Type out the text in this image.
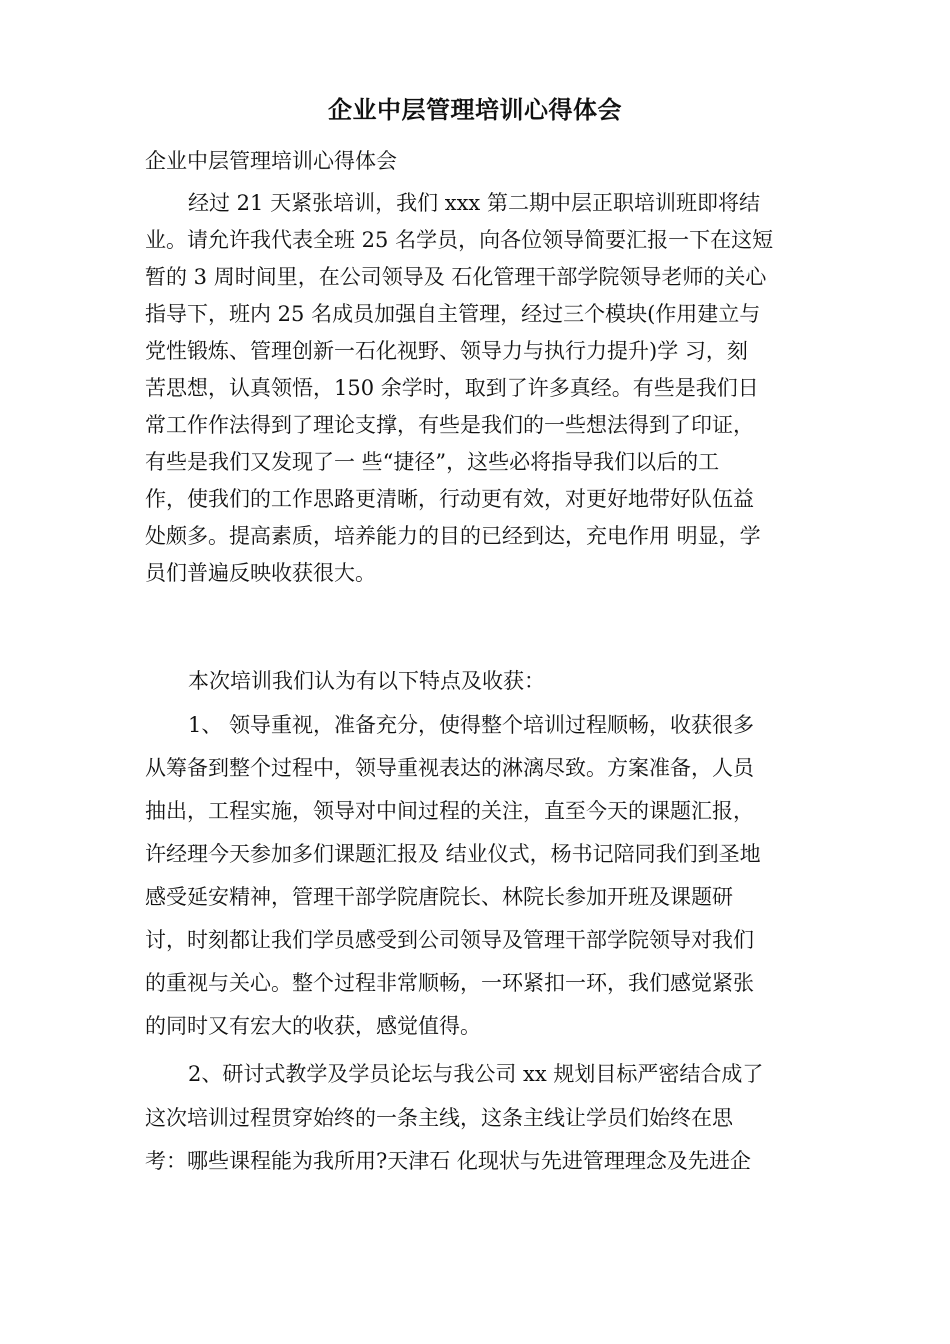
企业中层管理培训心得体会
企业中层管理培训心得体会
经过 21 天紧张培训，我们 xxx 第二期中层正职培训班即将结
业。请允许我代表全班 25 名学员，向各位领导简要汇报一下在这短
暂的 3 周时间里，在公司领导及 石化管理干部学院领导老师的关心
指导下，班内 25 名成员加强自主管理，经过三个模块(作用建立与
党性锻炼、管理创新一石化视野、领导力与执行力提升)学 习，刻
苦思想，认真领悟，150 余学时，取到了许多真经。有些是我们日
常工作作法得到了理论支撑，有些是我们的一些想法得到了印证，
有些是我们又发现了一 些“捷径”，这些必将指导我们以后的工
作，使我们的工作思路更清晰，行动更有效，对更好地带好队伍益
处颇多。提高素质，培养能力的目的已经到达，充电作用 明显，学
员们普遍反映收获很大。
本次培训我们认为有以下特点及收获：
1、 领导重视，准备充分，使得整个培训过程顺畅，收获很多
从筹备到整个过程中，领导重视表达的淋漓尽致。方案准备，人员
抽出，工程实施，领导对中间过程的关注，直至今天的课题汇报，
许经理今天参加多们课题汇报及 结业仪式，杨书记陪同我们到圣地
感受延安精神，管理干部学院唐院长、林院长参加开班及课题研
讨，时刻都让我们学员感受到公司领导及管理干部学院领导对我们
的重视与关心。整个过程非常顺畅，一环紧扣一环，我们感觉紧张
的同时又有宏大的收获，感觉值得。
2、研讨式教学及学员论坛与我公司 xx 规划目标严密结合成了
这次培训过程贯穿始终的一条主线，这条主线让学员们始终在思
考：哪些课程能为我所用?天津石 化现状与先进管理理念及先进企
